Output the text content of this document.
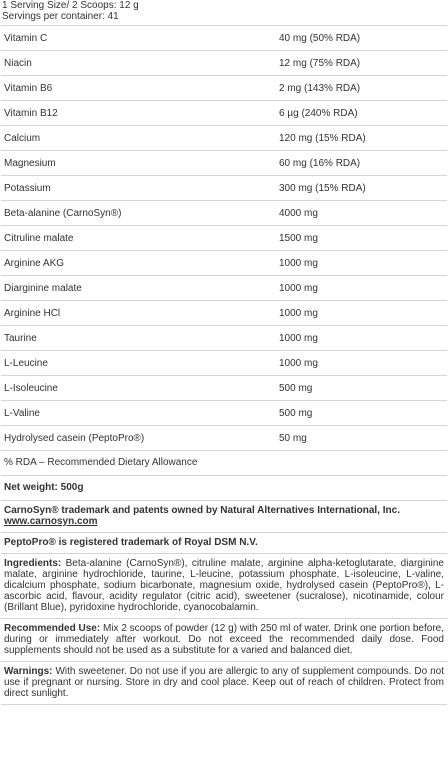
1 Serving Size/ 2 Scoops: 12 g
Servings per container: 41
Vitamin C	40 mg (50% RDA)
Niacin	12 mg (75% RDA)
Vitamin B6	2 mg (143% RDA)
Vitamin B12	6 µg (240% RDA)
Calcium	120 mg (15% RDA)
Magnesium	60 mg (16% RDA)
Potassium	300 mg (15% RDA)
Beta-alanine (CarnoSyn®)	4000 mg
Citruline malate	1500 mg
Arginine AKG	1000 mg
Diarginine malate	1000 mg
Arginine HCl	1000 mg
Taurine	1000 mg
L-Leucine	1000 mg
L-Isoleucine	500 mg
L-Valine	500 mg
Hydrolysed casein (PeptoPro®)	50 mg
% RDA – Recommended Dietary Allowance
Net weight: 500g
CarnoSyn® trademark and patents owned by Natural Alternatives International, Inc.
www.carnosyn.com
PeptoPro® is registered trademark of Royal DSM N.V.
Ingredients: Beta-alanine (CarnoSyn®), citruline malate, arginine alpha-ketoglutarate, diarginine malate, arginine hydrochloride, taurine, L-leucine, potassium phosphate, L-isoleucine, L-valine, dicalcium phosphate, sodium bicarbonate, magnesium oxide, hydrolysed casein (PeptoPro®), L-ascorbic acid, flavour, acidity regulator (citric acid), sweetener (sucralose), nicotinamide, colour (Brillant Blue), pyridoxine hydrochloride, cyanocobalamin.
Recommended Use: Mix 2 scoops of powder (12 g) with 250 ml of water. Drink one portion before, during or immediately after workout. Do not exceed the recommended daily dose. Food supplements should not be used as a substitute for a varied and balanced diet.
Warnings: With sweetener. Do not use if you are allergic to any of supplement compounds. Do not use if pregnant or nursing. Store in dry and cool place. Keep out of reach of children. Protect from direct sunlight.
